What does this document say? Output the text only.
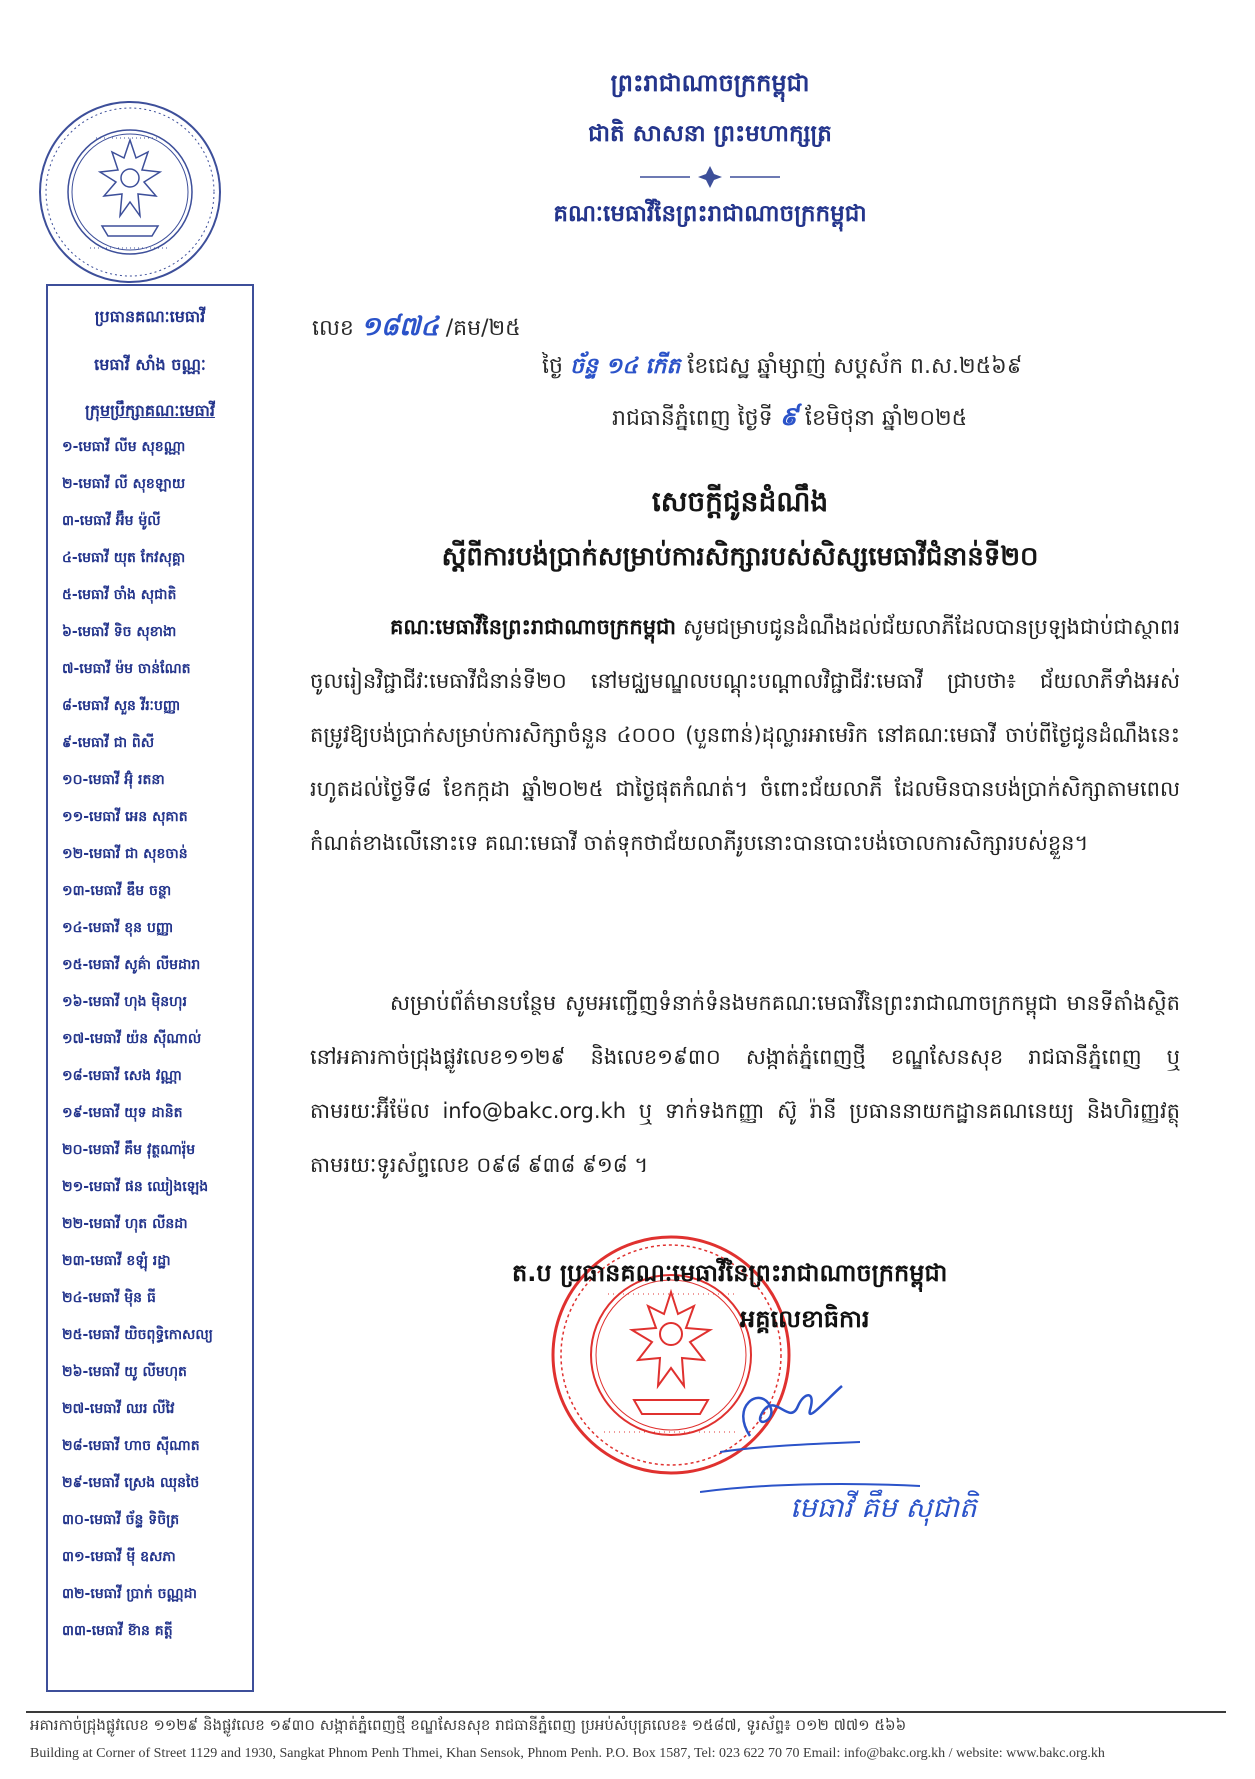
ព្រះរាជាណាចក្រកម្ពុជា
ជាតិ សាសនា ព្រះមហាក្សត្រ
គណៈមេធាវីនៃព្រះរាជាណាចក្រកម្ពុជា
ប្រធានគណៈមេធាវី
មេធាវី សាំង ចណ្ណៈ
ក្រុមប្រឹក្សាគណៈមេធាវី
១-មេធាវី លីម សុខណ្ណា
២-មេធាវី លី សុខឡាយ
៣-មេធាវី អ៊ឹម ម៉ូលី
៤-មេធាវី យុត កែវសុគ្គា
៥-មេធាវី ចាំង សុជាតិ
៦-មេធាវី ទិច សុខាងា
៧-មេធាវី ម៉ម ចាន់ណែត
៨-មេធាវី សួន វីរៈបញ្ញា
៩-មេធាវី ជា ពិសី
១០-មេធាវី អ៊ុំ រតនា
១១-មេធាវី អេន សុគាត
១២-មេធាវី ជា សុខចាន់
១៣-មេធាវី ឌឹម ចន្ថា
១៤-មេធាវី ខុន បញ្ញា
១៥-មេធាវី សូគ៌ា លីមដារា
១៦-មេធាវី ហុង ម៉ិនហុរ
១៧-មេធាវី យ៉ន ស៊ីណាល់
១៨-មេធាវី សេង វណ្ណា
១៩-មេធាវី យុទ ដានិត
២០-មេធាវី គឹម វុត្ថណារ៉ុម
២១-មេធាវី ផន ឈៀងឡេង
២២-មេធាវី ហុត លីនដា
២៣-មេធាវី ខឡុំ រដ្ឋា
២៤-មេធាវី ម៉ិន ធី
២៥-មេធាវី យិចពុទ្ធិកោសល្យ
២៦-មេធាវី យូ លីមហុត
២៧-មេធាវី ឈរ លីវៃ
២៨-មេធាវី ហាច ស៊ីណាត
២៩-មេធាវី ស្រេង ឈុនថៃ
៣០-មេធាវី ច័ន្ទ ទិចិត្រ
៣១-មេធាវី ម៉ី ឧសភា
៣២-មេធាវី ប្រាក់ ចណ្ណដា
៣៣-មេធាវី ខ៊ាន គត្តី
លេខ ១៨៧៤ /គម/២៥
ថ្ងៃ ច័ន្ទ ១៤ កើត ខែជេស្ឋ ឆ្នាំម្សាញ់ សប្តស័ក ព.ស.២៥៦៩
រាជធានីភ្នំពេញ ថ្ងៃទី ៩ ខែមិថុនា ឆ្នាំ២០២៥
សេចក្តីជូនដំណឹង
ស្តីពីការបង់ប្រាក់សម្រាប់ការសិក្សារបស់សិស្សមេធាវីជំនាន់ទី២០
គណៈមេធាវីនៃព្រះរាជាណាចក្រកម្ពុជា សូមជម្រាបជូនដំណឹងដល់ជ័យលាភីដែលបានប្រឡងជាប់ជាស្ថាពរចូលរៀនវិជ្ជាជីវៈមេធាវីជំនាន់ទី២០ នៅមជ្ឈមណ្ឌលបណ្តុះបណ្តាលវិជ្ជាជីវៈមេធាវី ជ្រាបថា៖ ជ័យលាភីទាំងអស់ តម្រូវឱ្យបង់ប្រាក់សម្រាប់ការសិក្សាចំនួន ៤០០០ (បួនពាន់)ដុល្លារអាមេរិក នៅគណៈមេធាវី ចាប់ពីថ្ងៃជូនដំណឹងនេះ រហូតដល់ថ្ងៃទី៨ ខែកក្កដា ឆ្នាំ២០២៥ ជាថ្ងៃផុតកំណត់។ ចំពោះជ័យលាភី ដែលមិនបានបង់ប្រាក់សិក្សាតាមពេលកំណត់ខាងលើនោះទេ គណៈមេធាវី ចាត់ទុកថាជ័យលាភីរូបនោះបានបោះបង់ចោលការសិក្សារបស់ខ្លួន។
សម្រាប់ព័ត៌មានបន្ថែម សូមអញ្ជើញទំនាក់ទំនងមកគណៈមេធាវីនៃព្រះរាជាណាចក្រកម្ពុជា មានទីតាំងស្ថិតនៅអគារកាច់ជ្រុងផ្លូវលេខ១១២៩ និងលេខ១៩៣០ សង្កាត់ភ្នំពេញថ្មី ខណ្ឌសែនសុខ រាជធានីភ្នំពេញ ឬ តាមរយៈអ៊ីម៉ែល info@bakc.org.kh ឬ ទាក់ទងកញ្ញា ស៊ូ រ៉ានី ប្រធាននាយកដ្ឋានគណនេយ្យ និងហិរញ្ញវត្ថុ តាមរយៈទូរស័ព្ទលេខ ០៩៨ ៩៣៨ ៩១៨ ។
ត.ប ប្រធានគណៈមេធាវីនៃព្រះរាជាណាចក្រកម្ពុជា
អគ្គលេខាធិការ
មេធាវី គឹម សុជាតិ
អគារកាច់ជ្រុងផ្លូវលេខ ១១២៩ និងផ្លូវលេខ ១៩៣០ សង្កាត់ភ្នំពេញថ្មី ខណ្ឌសែនសុខ រាជធានីភ្នំពេញ ប្រអប់សំបុត្រលេខ៖ ១៥៨៧, ទូរស័ព្ទ៖ ០១២ ៧៧១ ៥៦៦
Building at Corner of Street 1129 and 1930, Sangkat Phnom Penh Thmei, Khan Sensok, Phnom Penh. P.O. Box 1587, Tel: 023 622 70 70 Email: info@bakc.org.kh / website: www.bakc.org.kh
